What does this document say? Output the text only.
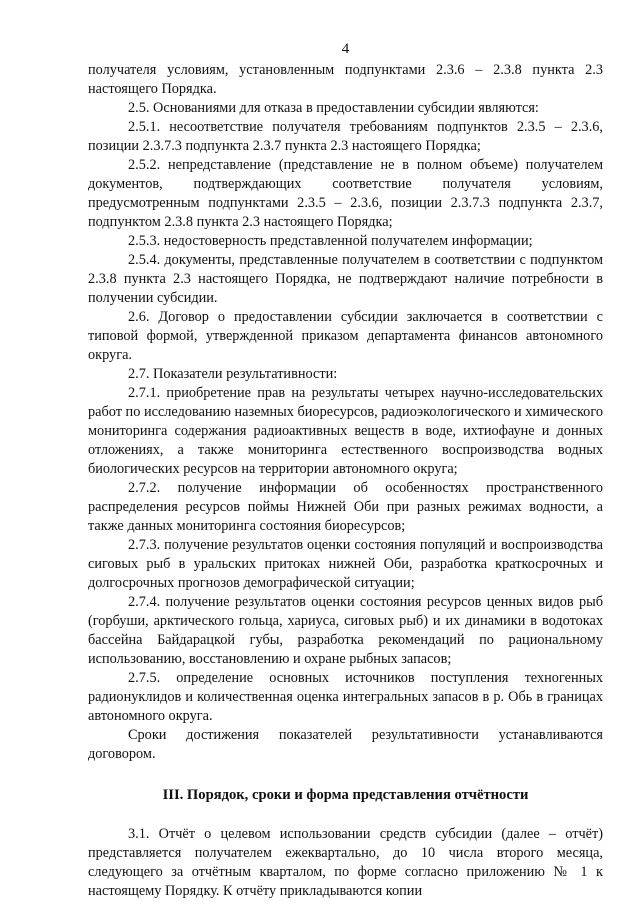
4

получателя условиям, установленным подпунктами 2.3.6 – 2.3.8 пункта 2.3 настоящего Порядка.

2.5. Основаниями для отказа в предоставлении субсидии являются:

2.5.1. несоответствие получателя требованиям подпунктов 2.3.5 – 2.3.6, позиции 2.3.7.3 подпункта 2.3.7 пункта 2.3 настоящего Порядка;

2.5.2. непредставление (представление не в полном объеме) получателем документов, подтверждающих соответствие получателя условиям, предусмотренным подпунктами 2.3.5 – 2.3.6, позиции 2.3.7.3 подпункта 2.3.7, подпунктом 2.3.8 пункта 2.3 настоящего Порядка;

2.5.3. недостоверность представленной получателем информации;

2.5.4. документы, представленные получателем в соответствии с подпунктом 2.3.8 пункта 2.3 настоящего Порядка, не подтверждают наличие потребности в получении субсидии.

2.6. Договор о предоставлении субсидии заключается в соответствии с типовой формой, утвержденной приказом департамента финансов автономного округа.

2.7. Показатели результативности:

2.7.1. приобретение прав на результаты четырех научно-исследовательских работ по исследованию наземных биоресурсов, радиоэкологического и химического мониторинга содержания радиоактивных веществ в воде, ихтиофауне и донных отложениях, а также мониторинга естественного воспроизводства водных биологических ресурсов на территории автономного округа;

2.7.2. получение информации об особенностях пространственного распределения ресурсов поймы Нижней Оби при разных режимах водности, а также данных мониторинга состояния биоресурсов;

2.7.3. получение результатов оценки состояния популяций и воспроизводства сиговых рыб в уральских притоках нижней Оби, разработка краткосрочных и долгосрочных прогнозов демографической ситуации;

2.7.4. получение результатов оценки состояния ресурсов ценных видов рыб (горбуши, арктического гольца, хариуса, сиговых рыб) и их динамики в водотоках бассейна Байдарацкой губы, разработка рекомендаций по рациональному использованию, восстановлению и охране рыбных запасов;

2.7.5. определение основных источников поступления техногенных радионуклидов и количественная оценка интегральных запасов в р. Обь в границах автономного округа.

Сроки достижения показателей результативности устанавливаются договором.

III. Порядок, сроки и форма представления отчётности

3.1. Отчёт о целевом использовании средств субсидии (далее – отчёт) представляется получателем ежеквартально, до 10 числа второго месяца, следующего за отчётным кварталом, по форме согласно приложению № 1 к настоящему Порядку. К отчёту прикладываются копии
